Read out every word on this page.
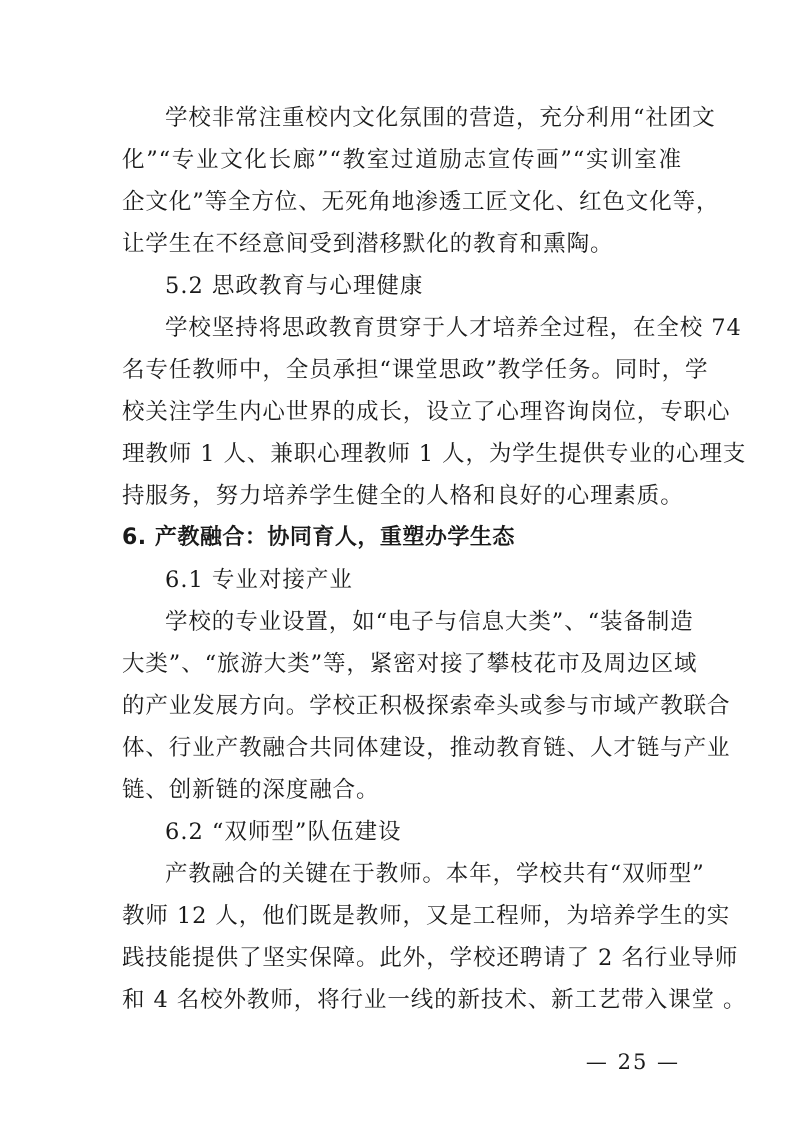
学校非常注重校内文化氛围的营造，充分利用“社团文
化”“专业文化长廊”“教室过道励志宣传画”“实训室准
企文化”等全方位、无死角地渗透工匠文化、红色文化等，
让学生在不经意间受到潜移默化的教育和熏陶。
5.2 思政教育与心理健康
学校坚持将思政教育贯穿于人才培养全过程，在全校 74
名专任教师中，全员承担“课堂思政”教学任务。同时，学
校关注学生内心世界的成长，设立了心理咨询岗位，专职心
理教师 1 人、兼职心理教师 1 人，为学生提供专业的心理支
持服务，努力培养学生健全的人格和良好的心理素质。
6. 产教融合：协同育人，重塑办学生态
6.1 专业对接产业
学校的专业设置，如“电子与信息大类”、“装备制造
大类”、“旅游大类”等，紧密对接了攀枝花市及周边区域
的产业发展方向。学校正积极探索牵头或参与市域产教联合
体、行业产教融合共同体建设，推动教育链、人才链与产业
链、创新链的深度融合。
6.2 “双师型”队伍建设
产教融合的关键在于教师。本年，学校共有“双师型”
教师 12 人，他们既是教师，又是工程师，为培养学生的实
践技能提供了坚实保障。此外，学校还聘请了 2 名行业导师
和 4 名校外教师，将行业一线的新技术、新工艺带入课堂 。
— 25 —
